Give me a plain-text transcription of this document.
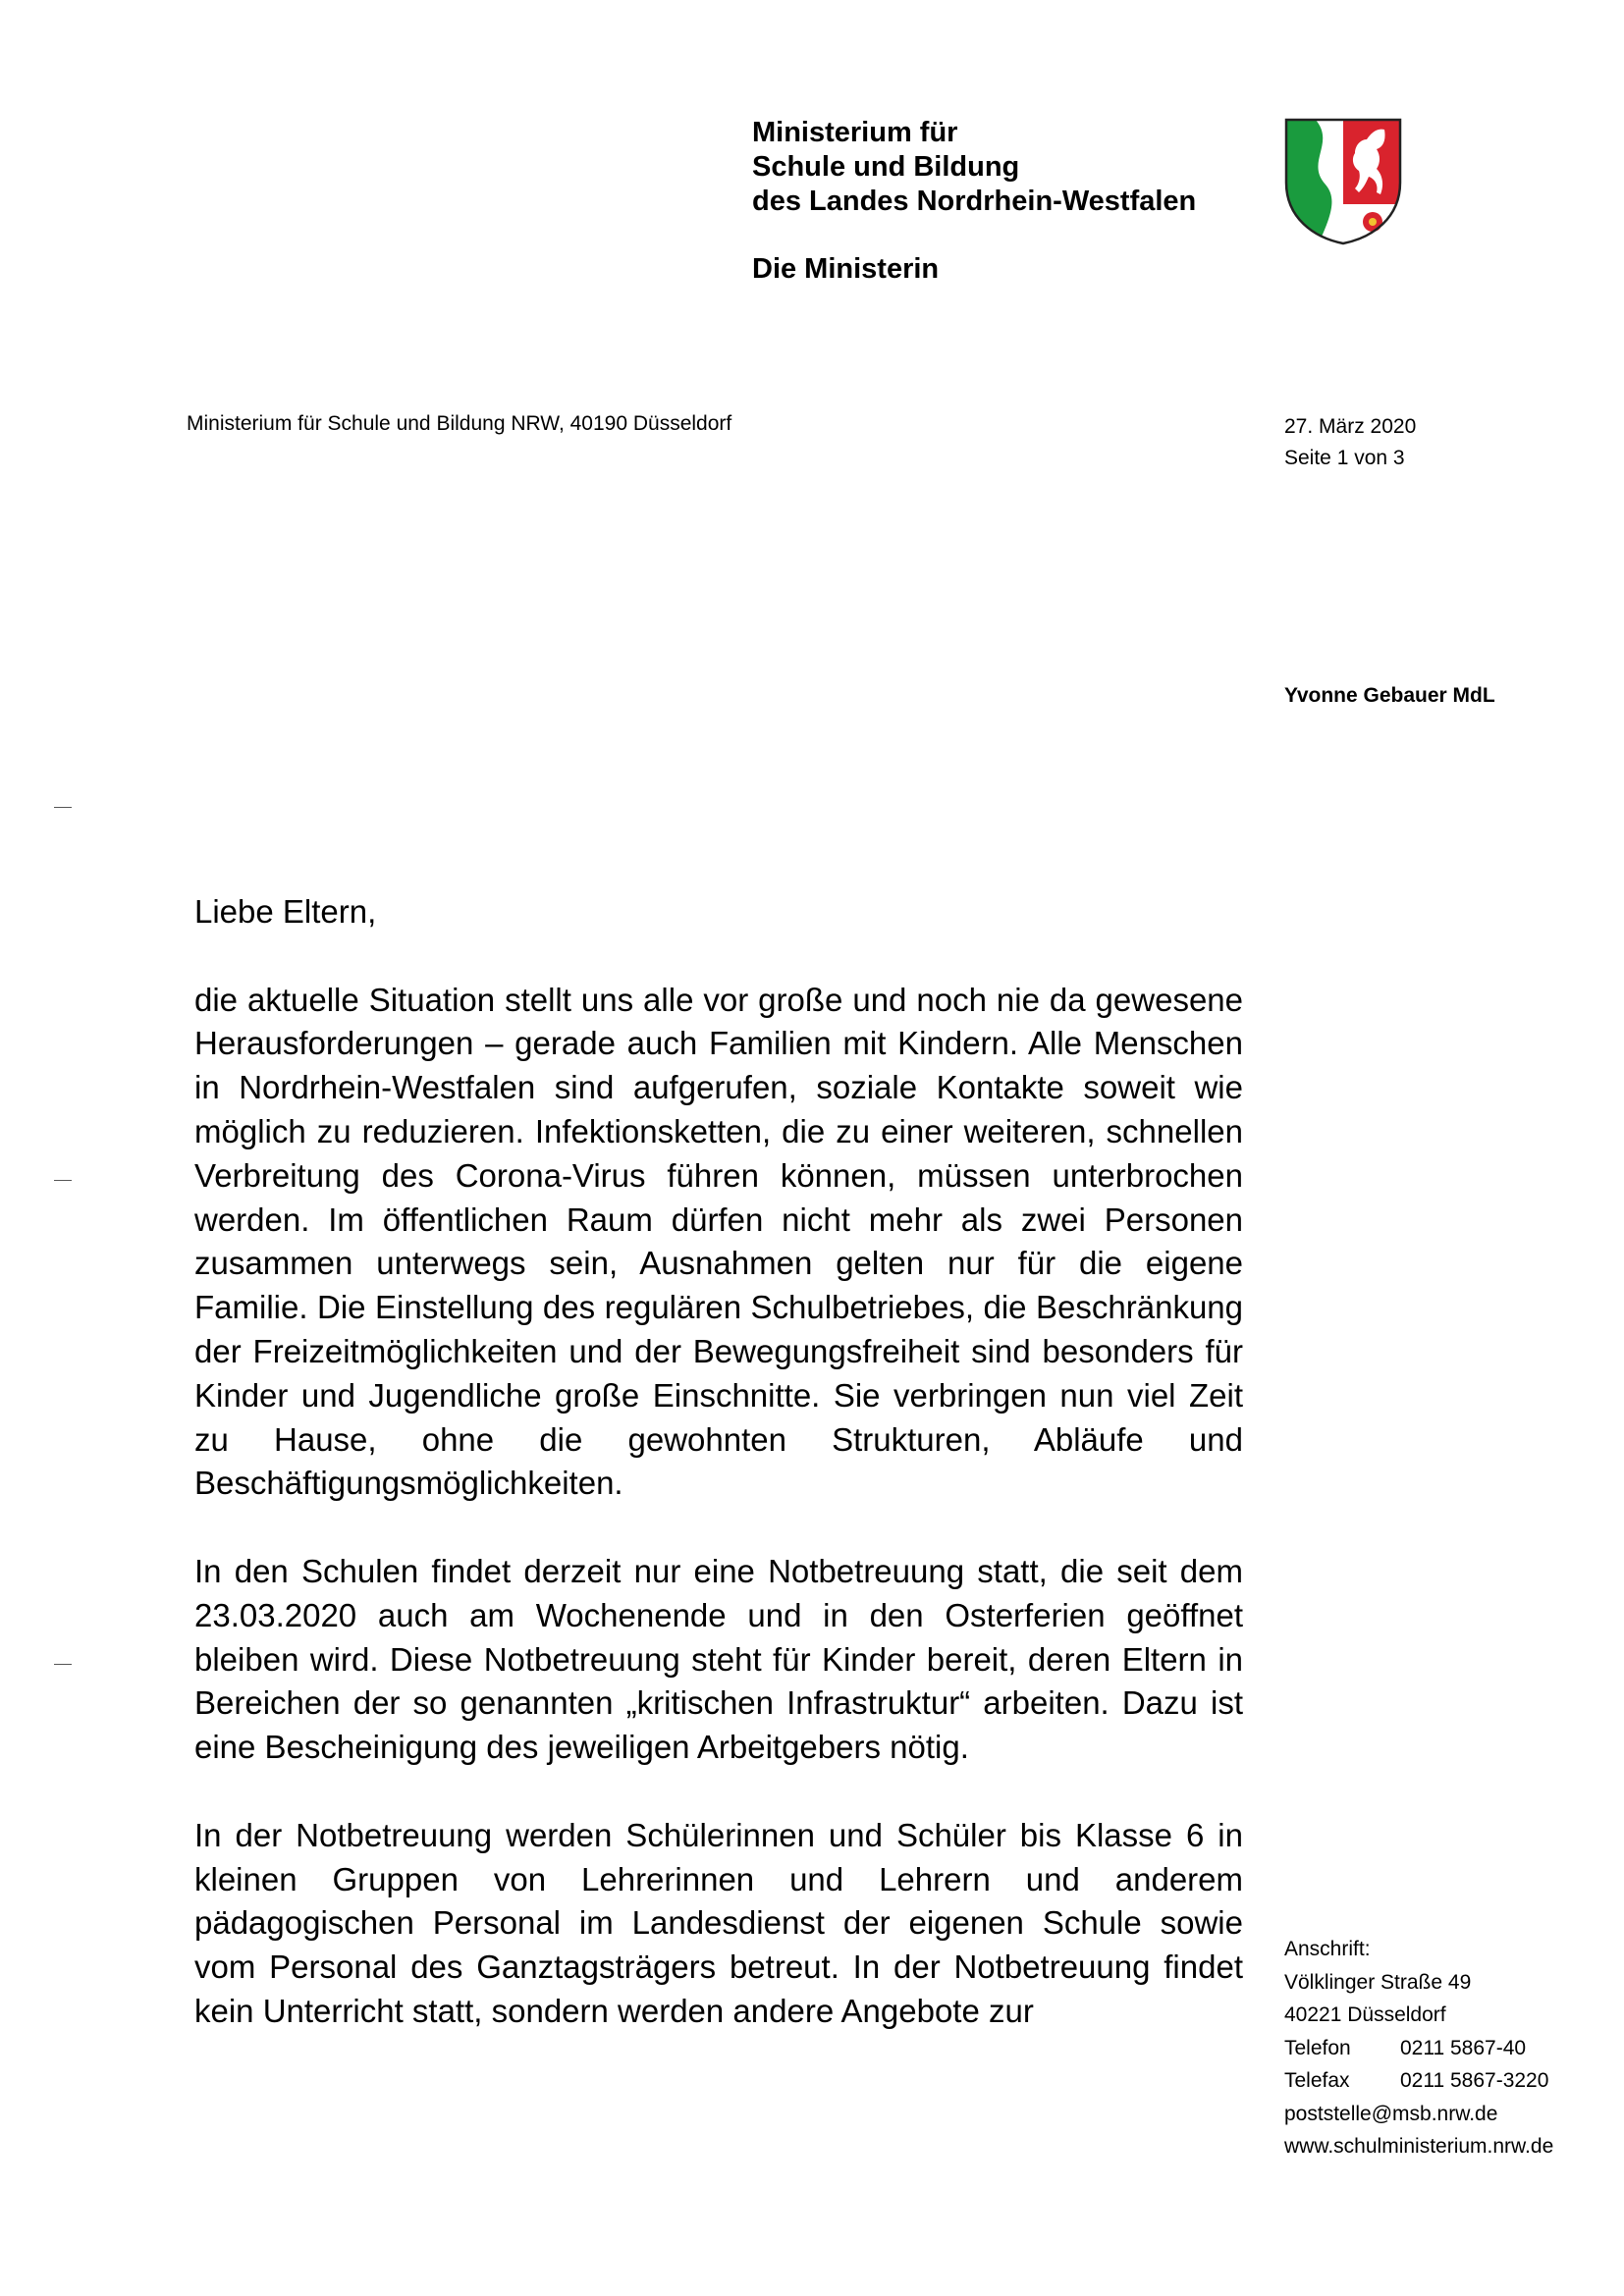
Ministerium für
Schule und Bildung
des Landes Nordrhein-Westfalen
Die Ministerin
Ministerium für Schule und Bildung NRW, 40190 Düsseldorf	27. März 2020
Seite 1 von 3
Yvonne Gebauer MdL

Liebe Eltern,

die aktuelle Situation stellt uns alle vor große und noch nie da gewesene Herausforderungen – gerade auch Familien mit Kindern. Alle Menschen in Nordrhein-Westfalen sind aufgerufen, soziale Kontakte soweit wie möglich zu reduzieren. Infektionsketten, die zu einer weiteren, schnellen Verbreitung des Corona-Virus führen können, müssen unterbrochen werden. Im öffentlichen Raum dürfen nicht mehr als zwei Personen zusammen unterwegs sein, Ausnahmen gelten nur für die eigene Familie. Die Einstellung des regulären Schulbetriebes, die Beschränkung der Freizeitmöglichkeiten und der Bewegungsfreiheit sind besonders für Kinder und Jugendliche große Einschnitte. Sie verbringen nun viel Zeit zu Hause, ohne die gewohnten Strukturen, Abläufe und Beschäftigungsmöglichkeiten.

In den Schulen findet derzeit nur eine Notbetreuung statt, die seit dem 23.03.2020 auch am Wochenende und in den Osterferien geöffnet bleiben wird. Diese Notbetreuung steht für Kinder bereit, deren Eltern in Bereichen der so genannten „kritischen Infrastruktur“ arbeiten. Dazu ist eine Bescheinigung des jeweiligen Arbeitgebers nötig.

In der Notbetreuung werden Schülerinnen und Schüler bis Klasse 6 in kleinen Gruppen von Lehrerinnen und Lehrern und anderem pädagogischen Personal im Landesdienst der eigenen Schule sowie vom Personal des Ganztagsträgers betreut. In der Notbetreuung findet kein Unterricht statt, sondern werden andere Angebote zur

Anschrift:
Völklinger Straße 49
40221 Düsseldorf
Telefon 0211 5867-40
Telefax 0211 5867-3220
poststelle@msb.nrw.de
www.schulministerium.nrw.de
